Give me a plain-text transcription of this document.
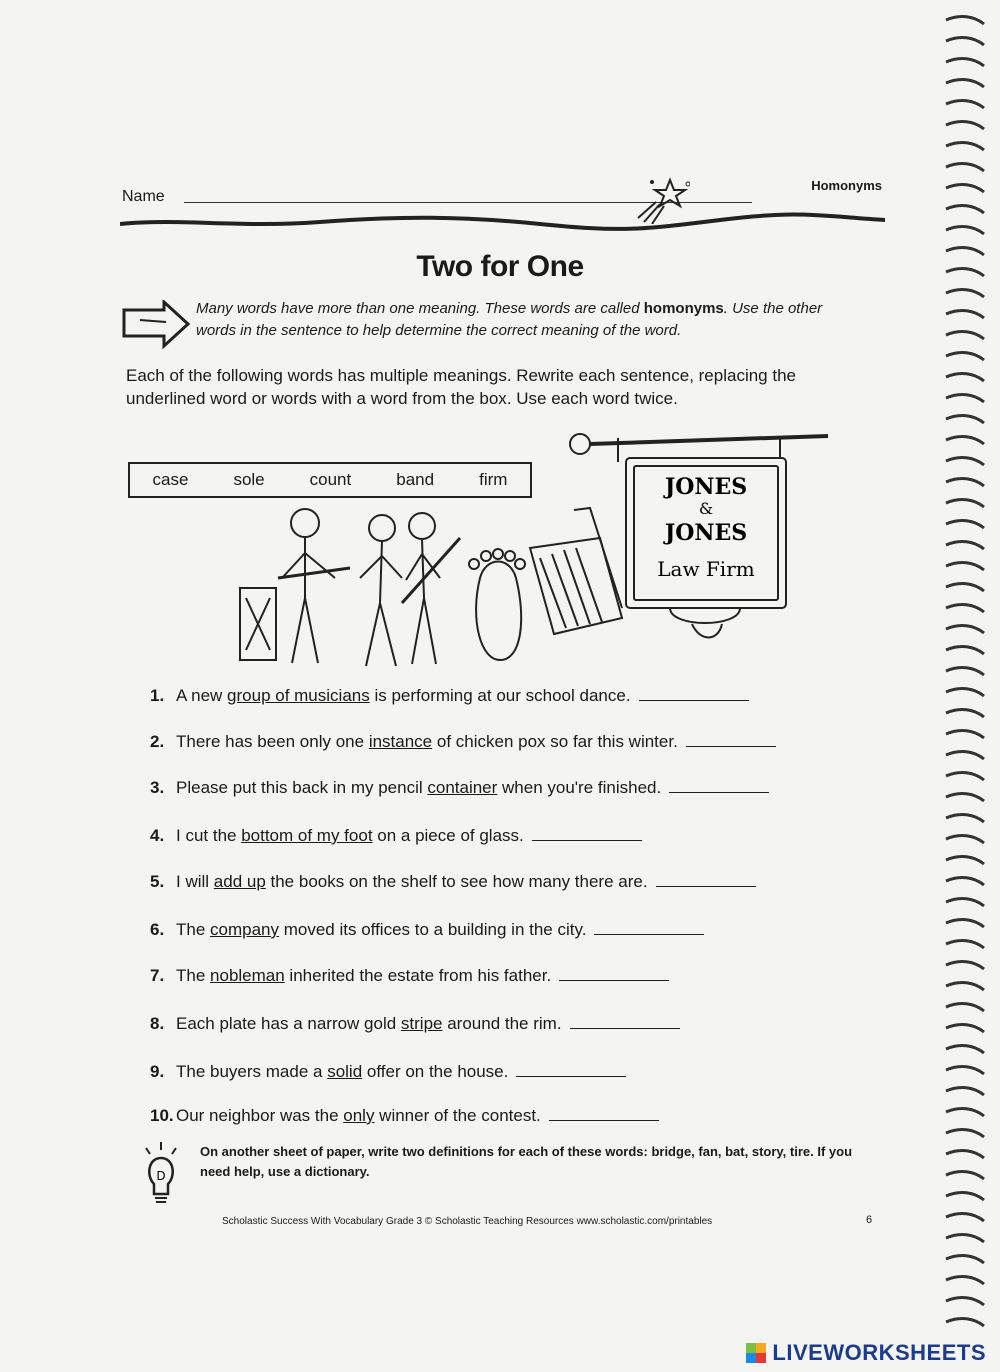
Name
Homonyms
Two for One
Many words have more than one meaning. These words are called homonyms. Use the other words in the sentence to help determine the correct meaning of the word.
Each of the following words has multiple meanings. Rewrite each sentence, replacing the underlined word or words with a word from the box. Use each word twice.
case	sole	count	band	firm	JONES
&
JONES
Law Firm
1. A new group of musicians is performing at our school dance.
2. There has been only one instance of chicken pox so far this winter.
3. Please put this back in my pencil container when you're finished.
4. I cut the bottom of my foot on a piece of glass.
5. I will add up the books on the shelf to see how many there are.
6. The company moved its offices to a building in the city.
7. The nobleman inherited the estate from his father.
8. Each plate has a narrow gold stripe around the rim.
9. The buyers made a solid offer on the house.
10. Our neighbor was the only winner of the contest.
D
On another sheet of paper, write two definitions for each of these words: bridge, fan, bat, story, tire. If you need help, use a dictionary.
Scholastic Success With Vocabulary Grade 3 © Scholastic Teaching Resources www.scholastic.com/printables	6
LIVEWORKSHEETS
